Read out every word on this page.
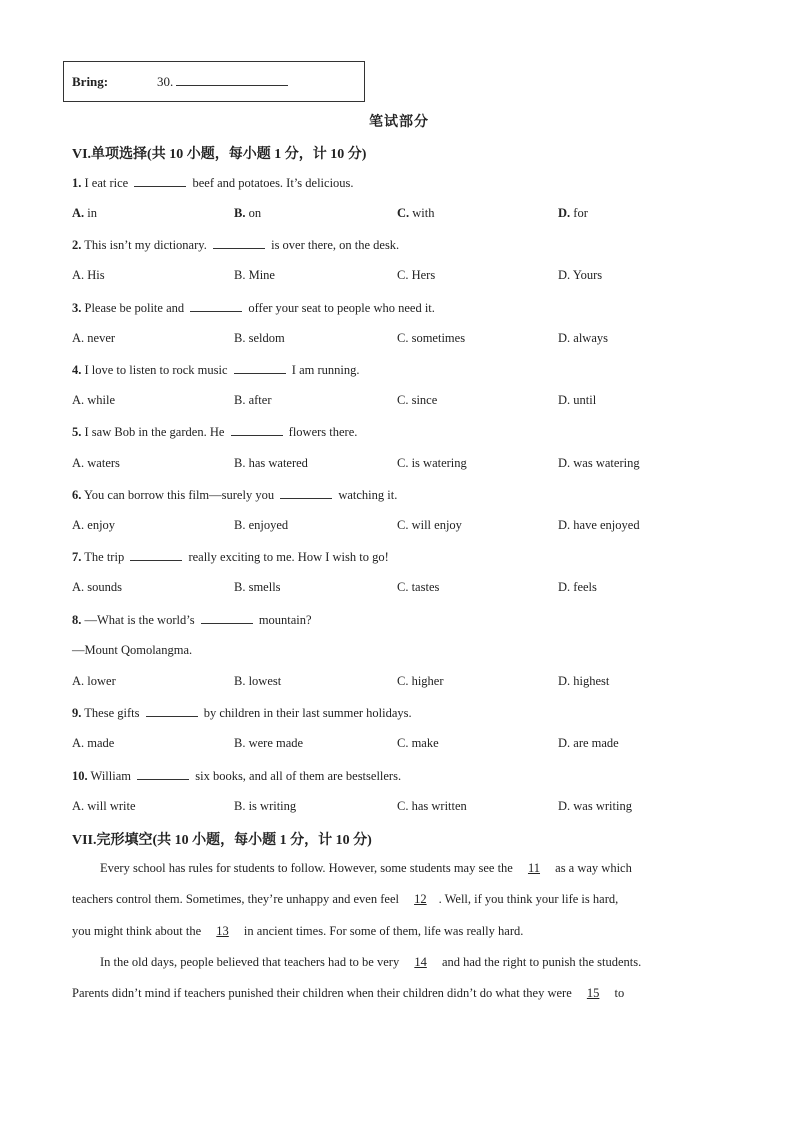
Bring:	30.
笔试部分
VI.单项选择(共 10 小题，每小题 1 分，计 10 分)
1. I eat rice	beef and potatoes. It’s delicious.
A. in	B. on	C. with	D. for
2. This isn’t my dictionary.	is over there, on the desk.
A. His	B. Mine	C. Hers	D. Yours
3. Please be polite and	offer your seat to people who need it.
A. never	B. seldom	C. sometimes	D. always
4. I love to listen to rock music	I am running.
A. while	B. after	C. since	D. until
5. I saw Bob in the garden. He	flowers there.
A. waters	B. has watered	C. is watering	D. was watering
6. You can borrow this film—surely you	watching it.
A. enjoy	B. enjoyed	C. will enjoy	D. have enjoyed
7. The trip	really exciting to me. How I wish to go!
A. sounds	B. smells	C. tastes	D. feels
8. —What is the world’s	mountain?
—Mount Qomolangma.
A. lower	B. lowest	C. higher	D. highest
9. These gifts	by children in their last summer holidays.
A. made	B. were made	C. make	D. are made
10. William	six books, and all of them are bestsellers.
A. will write	B. is writing	C. has written	D. was writing
VII.完形填空(共 10 小题，每小题 1 分，计 10 分)
Every school has rules for students to follow. However, some students may see the 11 as a way which
teachers control them. Sometimes, they’re unhappy and even feel 12 . Well, if you think your life is hard,
you might think about the 13 in ancient times. For some of them, life was really hard.
In the old days, people believed that teachers had to be very 14 and had the right to punish the students.
Parents didn’t mind if teachers punished their children when their children didn’t do what they were 15 to
